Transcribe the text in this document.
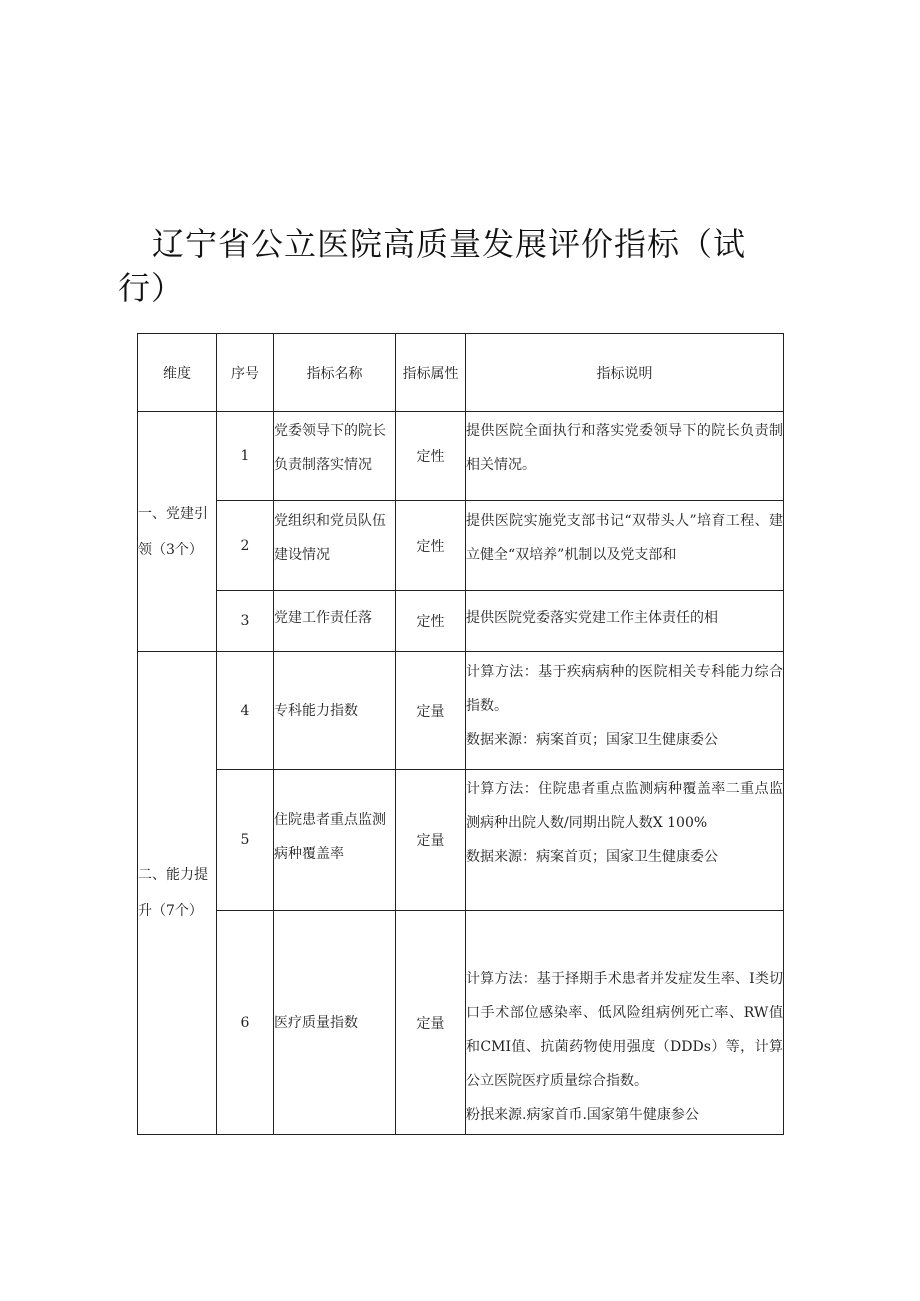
辽宁省公立医院高质量发展评价指标（试行）
维度	序号	指标名称	指标属性	指标说明

一、党建引领（3个）	1	党委领导下的院长负责制落实情况	定性	提供医院全面执行和落实党委领导下的院长负责制相关情况。

	2	党组织和党员队伍建设情况	定性	提供医院实施党支部书记“双带头人”培育工程、建立健全“双培养”机制以及党支部和

	3	党建工作责任落	定性	提供医院党委落实党建工作主体责任的相

二、能力提升（7个）	4	专科能力指数	定量	计算方法：基于疾病病种的医院相关专科能力综合指数。
数据来源：病案首页；国家卫生健康委公

	5	住院患者重点监测病种覆盖率	定量	计算方法：住院患者重点监测病种覆盖率二重点监测病种出院人数/同期出院人数X 100%
数据来源：病案首页；国家卫生健康委公

	6	医疗质量指数	定量	计算方法：基于择期手术患者并发症发生率、I类切口手术部位感染率、低风险组病例死亡率、RW值和CMI值、抗菌药物使用强度（DDDs）等，计算公立医院医疗质量综合指数。
粉抿来源.病家首币.国家第牛健康参公
